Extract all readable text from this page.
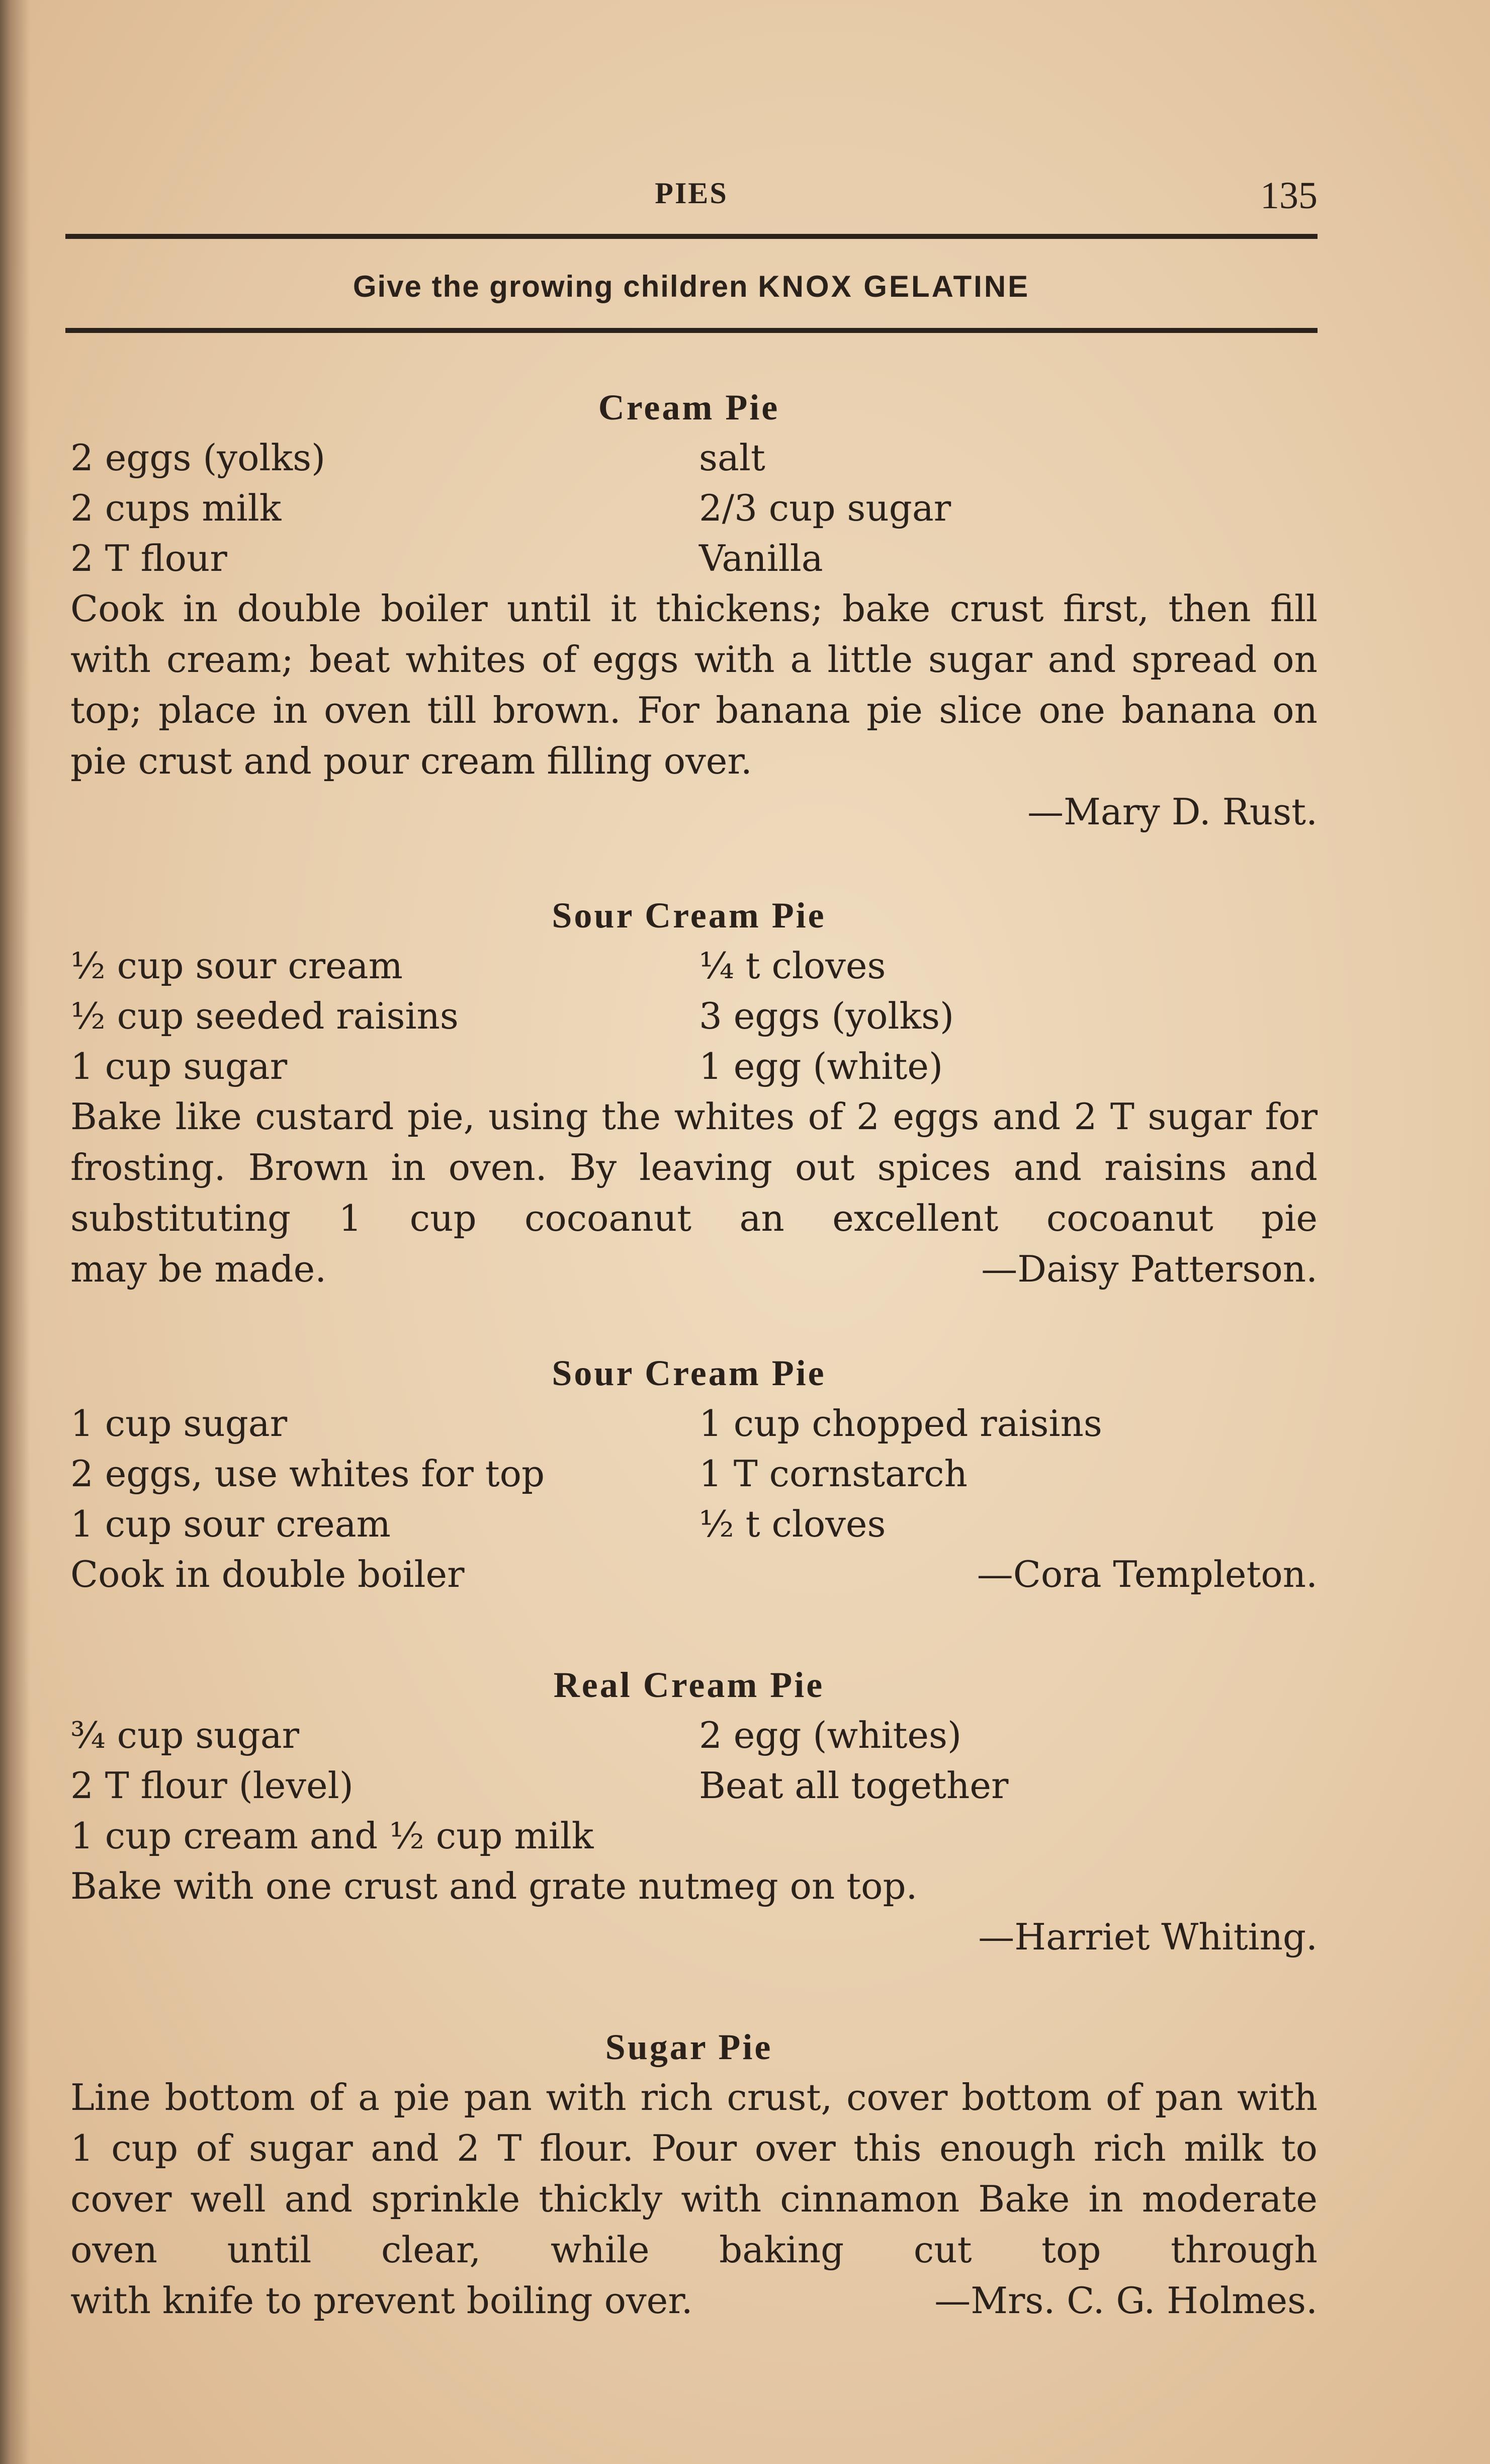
PIES	135
Give the growing children KNOX GELATINE
Cream Pie
2 eggs (yolks)	salt
2 cups milk	2/3 cup sugar
2 T flour	Vanilla

Cook in double boiler until it thickens; bake crust first, then fill with cream; beat whites of eggs with a little sugar and spread on top; place in oven till brown. For banana pie slice one banana on pie crust and pour cream filling over.

—Mary D. Rust.
Sour Cream Pie
½ cup sour cream	¼ t cloves
½ cup seeded raisins	3 eggs (yolks)
1 cup sugar	1 egg (white)

Bake like custard pie, using the whites of 2 eggs and 2 T sugar for frosting. Brown in oven. By leaving out spices and raisins and substituting 1 cup cocoanut an excellent cocoanut pie

may be made.	—Daisy Patterson.
Sour Cream Pie
1 cup sugar	1 cup chopped raisins
2 eggs, use whites for top	1 T cornstarch
1 cup sour cream	½ t cloves
Cook in double boiler	—Cora Templeton.
Real Cream Pie
¾ cup sugar	2 egg (whites)
2 T flour (level)	Beat all together
1 cup cream and ½ cup milk

Bake with one crust and grate nutmeg on top.

—Harriet Whiting.
Sugar Pie

Line bottom of a pie pan with rich crust, cover bottom of pan with 1 cup of sugar and 2 T flour. Pour over this enough rich milk to cover well and sprinkle thickly with cinnamon Bake in moderate oven until clear, while baking cut top through

with knife to prevent boiling over.	—Mrs. C. G. Holmes.
